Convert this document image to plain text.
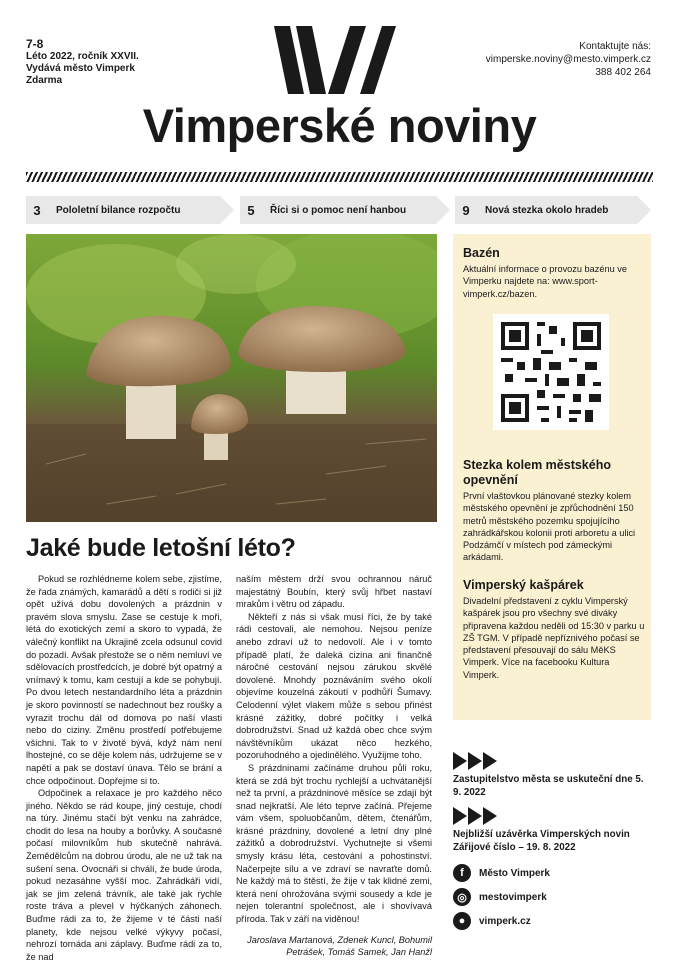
7-8
Léto 2022, ročník XXVII.
Vydává město Vimperk
Zdarma
Kontaktujte nás:
vimperske.noviny@mesto.vimperk.cz
388 402 264
Vimperské noviny
3	Pololetní bilance rozpočtu	5	Říci si o pomoc není hanbou	9	Nová stezka okolo hradeb
Jaké bude letošní léto?

Pokud se rozhlédneme kolem sebe, zjistíme, že řada známých, kamarádů a dětí s rodiči si již opět užívá dobu dovolených a prázdnin v pravém slova smyslu. Zase se cestuje k moři, létá do exotických zemí a skoro to vypadá, že válečný konflikt na Ukrajině zcela odsunul covid do pozadí. Avšak přestože se o něm nemluví ve sdělovacích prostředcích, je dobré být opatrný a vnímavý k tomu, kam cestují a kde se pohybují. Po dvou letech nestandardního léta a prázdnin je skoro povinností se nadechnout bez roušky a vyrazit trochu dál od domova po naší vlasti nebo do ciziny. Změnu prostředí potřebujeme všichni. Tak to v životě bývá, když nám není lhostejné, co se děje kolem nás, udržujeme se v napětí a pak se dostaví únava. Tělo se brání a chce odpočinout. Dopřejme si to.

Odpočinek a relaxace je pro každého něco jiného. Někdo se rád koupe, jiný cestuje, chodí na túry. Jinému stačí být venku na zahrádce, chodit do lesa na houby a borůvky. A současné počasí milovníkům hub skutečně nahrává. Zemědělcům na dobrou úrodu, ale ne už tak na sušení sena. Ovocnáři si chválí, že bude úroda, pokud nezasáhne vyšší moc. Zahrádkáři vidí, jak se jim zelená trávník, ale také jak rychle roste tráva a plevel v hýčkaných záhonech. Buďme rádi za to, že žijeme v té části naší planety, kde nejsou velké výkyvy počasí, nehrozí tornáda ani záplavy. Buďme rádi za to, že nad

naším městem drží svou ochrannou náruč majestátný Boubín, který svůj hřbet nastaví mrakům i větru od západu.

Někteří z nás si však musí říci, že by také rádi cestovali, ale nemohou. Nejsou peníze anebo zdraví už to nedovolí. Ale i v tomto případě platí, že daleká cizina ani finančně náročné cestování nejsou zárukou skvělé dovolené. Mnohdy poznáváním svého okolí objevíme kouzelná zákoutí v podhůří Šumavy. Celodenní výlet vlakem může s sebou přinést krásné zážitky, dobré počítky i velká dobrodružství. Snad už každá obec chce svým návštěvníkům ukázat něco hezkého, pozoruhodného a ojedinělého. Využijme toho.

S prázdninami začínáme druhou půli roku, která se zdá být trochu rychlejší a uchvátanější než ta první, a prázdninové měsíce se zdají být snad nejkratší. Ale léto teprve začíná. Přejeme vám všem, spoluobčanům, dětem, čtenářům, krásné prázdniny, dovolené a letní dny plné zážitků a dobrodružství. Vychutnejte si všemi smysly krásu léta, cestování a pohostinství. Načerpejte sílu a ve zdraví se navraťte domů. Ne každý má to štěstí, že žije v tak klidné zemi, která není ohrožována svými sousedy a kde je nejen tolerantní společnost, ale i shovívavá příroda. Tak v září na viděnou!

Jaroslava Martanová, Zdenek Kuncl, Bohumil Petrášek, Tomáš Samek, Jan Hanžl

Bazén

Aktuální informace o provozu bazénu ve Vimperku najdete na: www.sport-vimperk.cz/bazen.

Stezka kolem městského opevnění

První vlaštovkou plánované stezky kolem městského opevnění je zpřůchodnění 150 metrů městského pozemku spojujícího zahrádkářskou kolonii proti arboretu a ulici Podzámčí v místech pod zámeckými arkádami.

Vimperský kašpárek

Divadelní představení z cyklu Vimperský kašpárek jsou pro všechny své diváky připravena každou neděli od 15:30 v parku u ZŠ TGM. V případě nepříznivého počasí se představení přesouvají do sálu MěKS Vimperk. Více na facebooku Kultura Vimperk.

Zastupitelstvo města se uskuteční dne 5. 9. 2022
Nejbližší uzávěrka Vimperských novin Zářijové číslo – 19. 8. 2022
f	Město Vimperk
◎	mestovimperk
●	vimperk.cz
